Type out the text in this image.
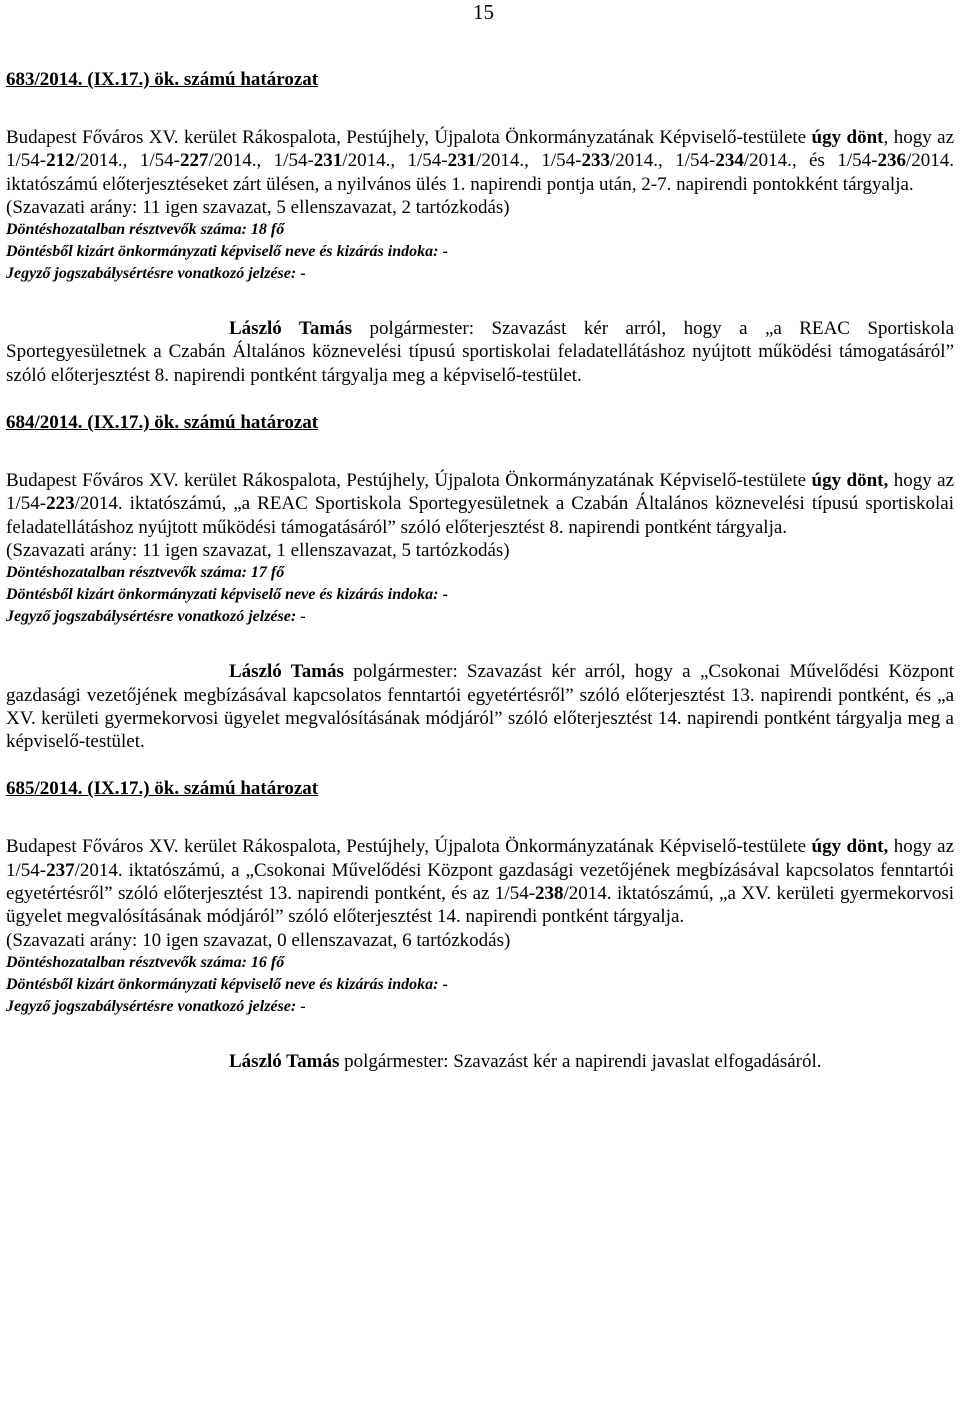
15

683/2014. (IX.17.) ök. számú határozat

Budapest Főváros XV. kerület Rákospalota, Pestújhely, Újpalota Önkormányzatának Képviselő-testülete úgy dönt, hogy az 1/54-212/2014., 1/54-227/2014., 1/54-231/2014., 1/54-231/2014., 1/54-233/2014., 1/54-234/2014., és 1/54-236/2014. iktatószámú előterjesztéseket zárt ülésen, a nyilvános ülés 1. napirendi pontja után, 2-7. napirendi pontokként tárgyalja.

(Szavazati arány: 11 igen szavazat, 5 ellenszavazat, 2 tartózkodás)

Döntéshozatalban résztvevők száma: 18 fő

Döntésből kizárt önkormányzati képviselő neve és kizárás indoka: -

Jegyző jogszabálysértésre vonatkozó jelzése: -

László Tamás polgármester: Szavazást kér arról, hogy a „a REAC Sportiskola Sportegyesületnek a Czabán Általános köznevelési típusú sportiskolai feladatellátáshoz nyújtott működési támogatásáról” szóló előterjesztést 8. napirendi pontként tárgyalja meg a képviselő-testület.

684/2014. (IX.17.) ök. számú határozat

Budapest Főváros XV. kerület Rákospalota, Pestújhely, Újpalota Önkormányzatának Képviselő-testülete úgy dönt, hogy az 1/54-223/2014. iktatószámú, „a REAC Sportiskola Sportegyesületnek a Czabán Általános köznevelési típusú sportiskolai feladatellátáshoz nyújtott működési támogatásáról” szóló előterjesztést 8. napirendi pontként tárgyalja.

(Szavazati arány: 11 igen szavazat, 1 ellenszavazat, 5 tartózkodás)

Döntéshozatalban résztvevők száma: 17 fő

Döntésből kizárt önkormányzati képviselő neve és kizárás indoka: -

Jegyző jogszabálysértésre vonatkozó jelzése: -

László Tamás polgármester: Szavazást kér arról, hogy a „Csokonai Művelődési Központ gazdasági vezetőjének megbízásával kapcsolatos fenntartói egyetértésről” szóló előterjesztést 13. napirendi pontként, és „a XV. kerületi gyermekorvosi ügyelet megvalósításának módjáról” szóló előterjesztést 14. napirendi pontként tárgyalja meg a képviselő-testület.

685/2014. (IX.17.) ök. számú határozat

Budapest Főváros XV. kerület Rákospalota, Pestújhely, Újpalota Önkormányzatának Képviselő-testülete úgy dönt, hogy az 1/54-237/2014. iktatószámú, a „Csokonai Művelődési Központ gazdasági vezetőjének megbízásával kapcsolatos fenntartói egyetértésről” szóló előterjesztést 13. napirendi pontként, és az 1/54-238/2014. iktatószámú, „a XV. kerületi gyermekorvosi ügyelet megvalósításának módjáról” szóló előterjesztést 14. napirendi pontként tárgyalja.

(Szavazati arány: 10 igen szavazat, 0 ellenszavazat, 6 tartózkodás)

Döntéshozatalban résztvevők száma: 16 fő

Döntésből kizárt önkormányzati képviselő neve és kizárás indoka: -

Jegyző jogszabálysértésre vonatkozó jelzése: -

László Tamás polgármester: Szavazást kér a napirendi javaslat elfogadásáról.
